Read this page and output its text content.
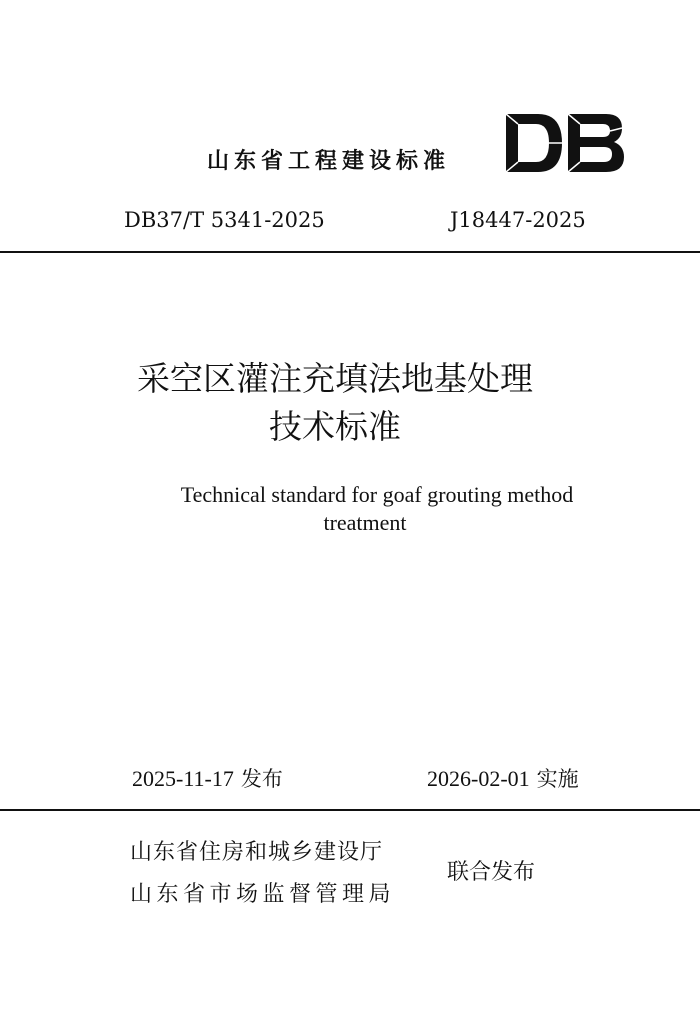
山东省工程建设标准
DB37/T 5341-2025	J18447-2025
采空区灌注充填法地基处理
技术标准
Technical standard for goaf grouting method
treatment
2025-11-17 发布	2026-02-01 实施
山东省住房和城乡建设厅
山东省市场监督管理局
联合发布
